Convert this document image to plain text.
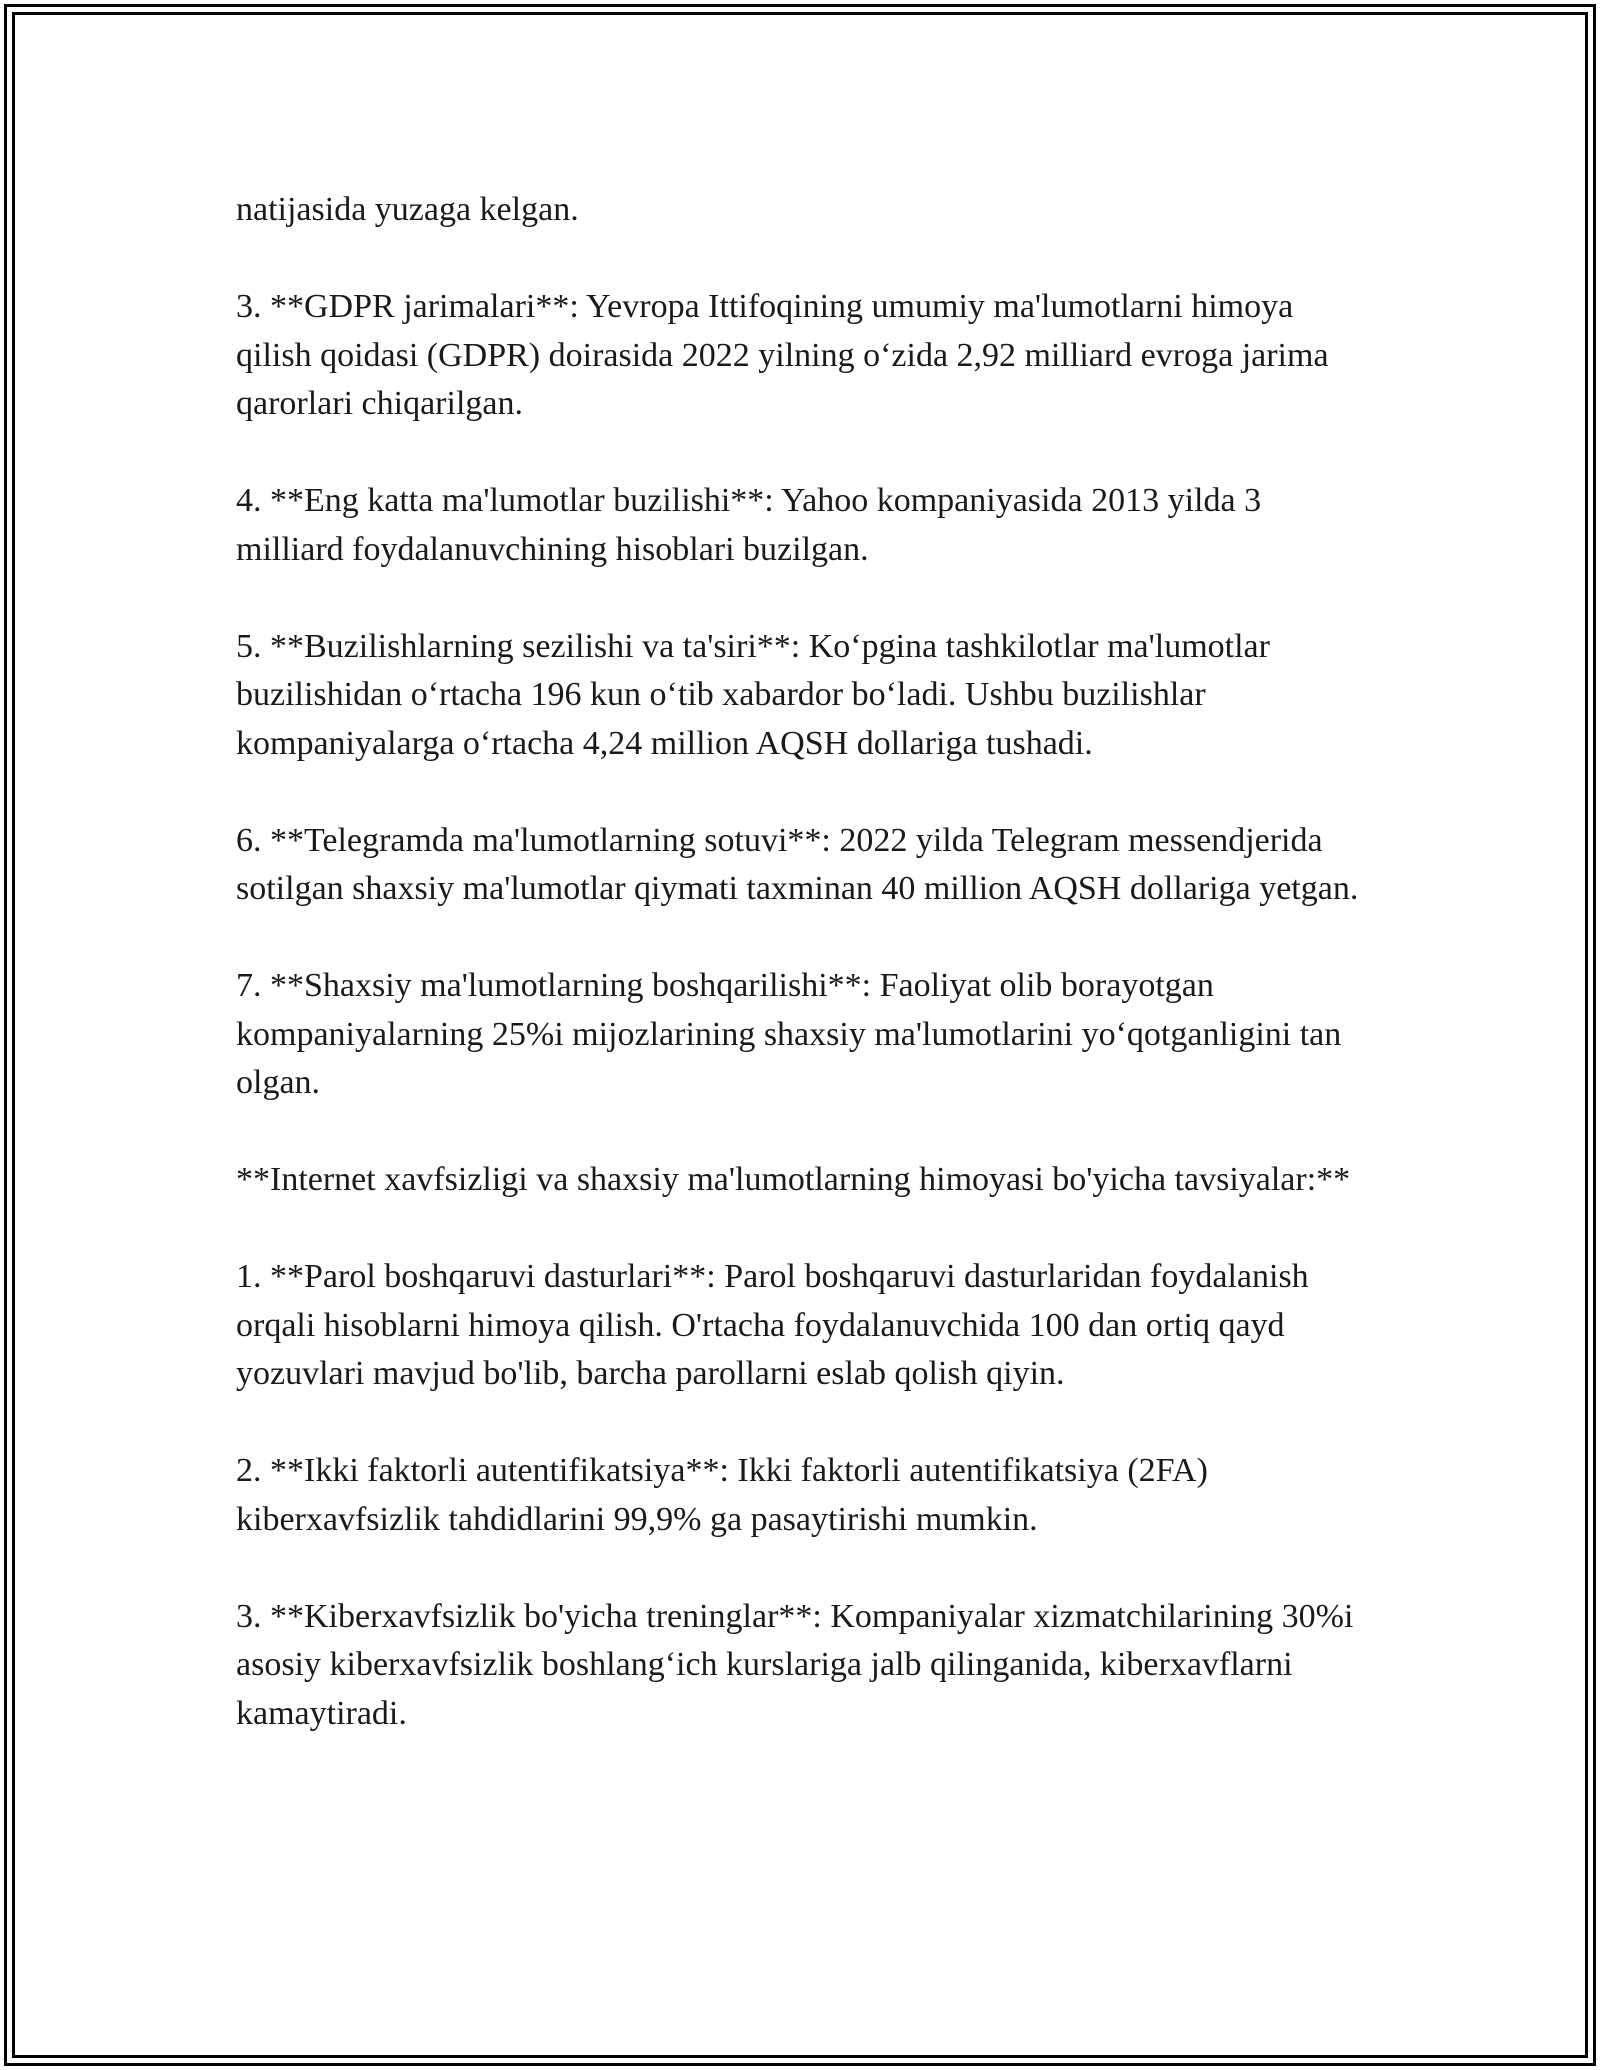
natijasida yuzaga kelgan.

3. **GDPR jarimalari**: Yevropa Ittifoqining umumiy ma'lumotlarni himoya qilish qoidasi (GDPR) doirasida 2022 yilning o‘zida 2,92 milliard evroga jarima qarorlari chiqarilgan.

4. **Eng katta ma'lumotlar buzilishi**: Yahoo kompaniyasida 2013 yilda 3 milliard foydalanuvchining hisoblari buzilgan.

5. **Buzilishlarning sezilishi va ta'siri**: Ko‘pgina tashkilotlar ma'lumotlar buzilishidan o‘rtacha 196 kun o‘tib xabardor bo‘ladi. Ushbu buzilishlar kompaniyalarga o‘rtacha 4,24 million AQSH dollariga tushadi.

6. **Telegramda ma'lumotlarning sotuvi**: 2022 yilda Telegram messendjerida sotilgan shaxsiy ma'lumotlar qiymati taxminan 40 million AQSH dollariga yetgan.

7. **Shaxsiy ma'lumotlarning boshqarilishi**: Faoliyat olib borayotgan kompaniyalarning 25%i mijozlarining shaxsiy ma'lumotlarini yo‘qotganligini tan olgan.

**Internet xavfsizligi va shaxsiy ma'lumotlarning himoyasi bo'yicha tavsiyalar:**

1. **Parol boshqaruvi dasturlari**: Parol boshqaruvi dasturlaridan foydalanish orqali hisoblarni himoya qilish. O'rtacha foydalanuvchida 100 dan ortiq qayd yozuvlari mavjud bo'lib, barcha parollarni eslab qolish qiyin.

2. **Ikki faktorli autentifikatsiya**: Ikki faktorli autentifikatsiya (2FA) kiberxavfsizlik tahdidlarini 99,9% ga pasaytirishi mumkin.

3. **Kiberxavfsizlik bo'yicha treninglar**: Kompaniyalar xizmatchilarining 30%i asosiy kiberxavfsizlik boshlang‘ich kurslariga jalb qilinganida, kiberxavflarni kamaytiradi.
